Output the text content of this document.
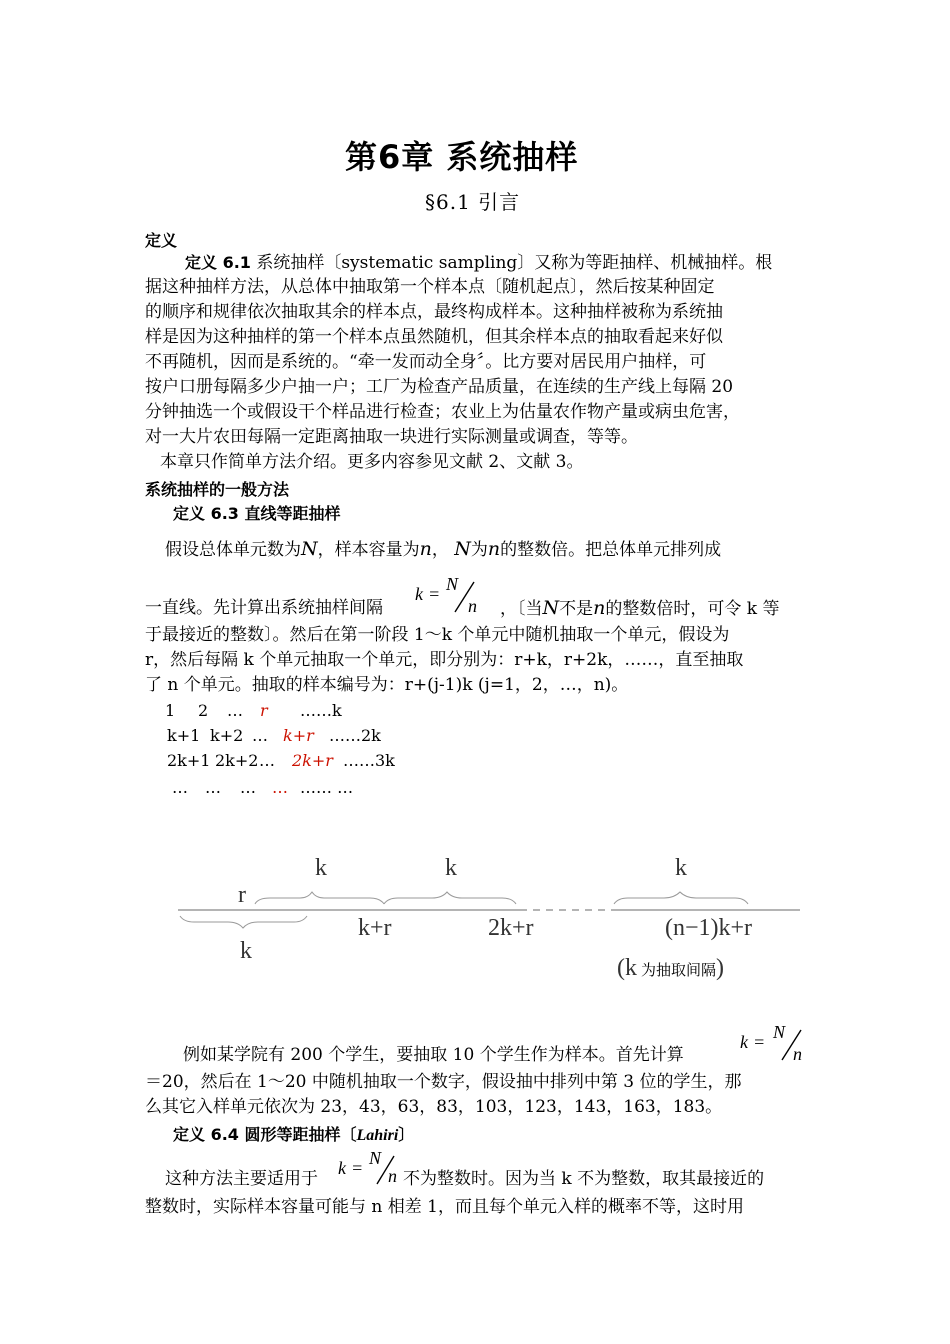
第6章 系统抽样
§6.1 引言
定义
定义 6.1 系统抽样〔systematic sampling〕又称为等距抽样、机械抽样。根
据这种抽样方法，从总体中抽取第一个样本点〔随机起点〕，然后按某种固定
的顺序和规律依次抽取其余的样本点，最终构成样本。这种抽样被称为系统抽
样是因为这种抽样的第一个样本点虽然随机，但其余样本点的抽取看起来好似
不再随机，因而是系统的。“牵一发而动全身〞。比方要对居民用户抽样，可
按户口册每隔多少户抽一户；工厂为检查产品质量，在连续的生产线上每隔 20
分钟抽选一个或假设干个样品进行检查；农业上为估量农作物产量或病虫危害，
对一大片农田每隔一定距离抽取一块进行实际测量或调查，等等。
本章只作简单方法介绍。更多内容参见文献 2、文献 3。
系统抽样的一般方法
定义 6.3 直线等距抽样
假设总体单元数为N，样本容量为n， N为n的整数倍。把总体单元排列成
一直线。先计算出系统抽样间隔
k = N
n ，〔当N不是n的整数倍时，可令 k 等
于最接近的整数〕。然后在第一阶段 1～k 个单元中随机抽取一个单元，假设为
r，然后每隔 k 个单元抽取一个单元，即分别为：r+k，r+2k，……，直至抽取
了 n 个单元。抽取的样本编号为：r+(j-1)k (j=1，2，…，n)。
1 2 … r ……k
k+1 k+2 … k+r ……2k
2k+1 2k+2 … 2k+r ……3k
… … … … …… …
k	k	k
r
k
k+r	2k+r	(n−1)k+r
(k为抽取间隔)
例如某学院有 200 个学生，要抽取 10 个学生作为样本。首先计算
k = N
n
＝20，然后在 1～20 中随机抽取一个数字，假设抽中排列中第 3 位的学生，那
么其它入样单元依次为 23，43，63，83，103，123，143，163，183。
定义 6.4 圆形等距抽样〔Lahiri〕
这种方法主要适用于
k = N
n 不为整数时。因为当 k 不为整数，取其最接近的
整数时，实际样本容量可能与 n 相差 1，而且每个单元入样的概率不等，这时用
